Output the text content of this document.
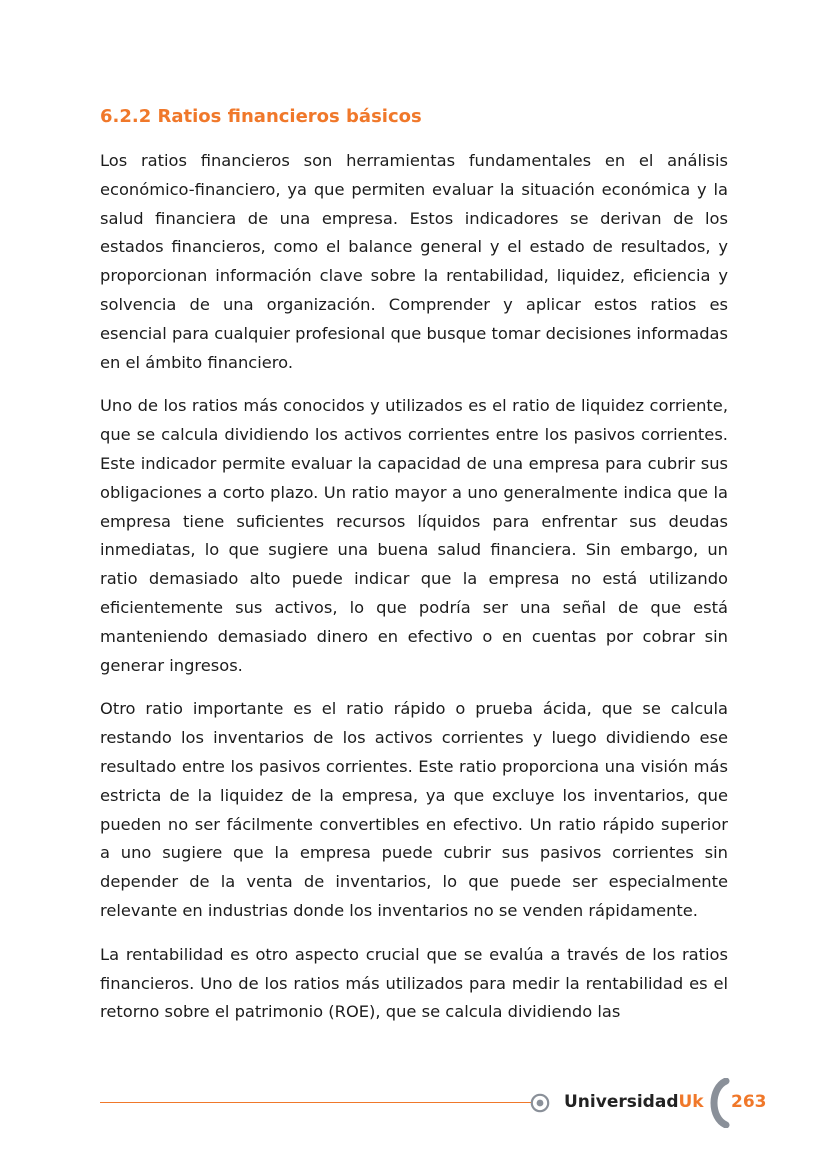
6.2.2 Ratios financieros básicos

Los ratios financieros son herramientas fundamentales en el análisis económico-financiero, ya que permiten evaluar la situación económica y la salud financiera de una empresa. Estos indicadores se derivan de los estados financieros, como el balance general y el estado de resultados, y proporcionan información clave sobre la rentabilidad, liquidez, eficiencia y solvencia de una organización. Comprender y aplicar estos ratios es esencial para cualquier profesional que busque tomar decisiones informadas en el ámbito financiero.

Uno de los ratios más conocidos y utilizados es el ratio de liquidez corriente, que se calcula dividiendo los activos corrientes entre los pasivos corrientes. Este indicador permite evaluar la capacidad de una empresa para cubrir sus obligaciones a corto plazo. Un ratio mayor a uno generalmente indica que la empresa tiene suficientes recursos líquidos para enfrentar sus deudas inmediatas, lo que sugiere una buena salud financiera. Sin embargo, un ratio demasiado alto puede indicar que la empresa no está utilizando eficientemente sus activos, lo que podría ser una señal de que está manteniendo demasiado dinero en efectivo o en cuentas por cobrar sin generar ingresos.

Otro ratio importante es el ratio rápido o prueba ácida, que se calcula restando los inventarios de los activos corrientes y luego dividiendo ese resultado entre los pasivos corrientes. Este ratio proporciona una visión más estricta de la liquidez de la empresa, ya que excluye los inventarios, que pueden no ser fácilmente convertibles en efectivo. Un ratio rápido superior a uno sugiere que la empresa puede cubrir sus pasivos corrientes sin depender de la venta de inventarios, lo que puede ser especialmente relevante en industrias donde los inventarios no se venden rápidamente.

La rentabilidad es otro aspecto crucial que se evalúa a través de los ratios financieros. Uno de los ratios más utilizados para medir la rentabilidad es el retorno sobre el patrimonio (ROE), que se calcula dividiendo las

UniversidadUk 263
